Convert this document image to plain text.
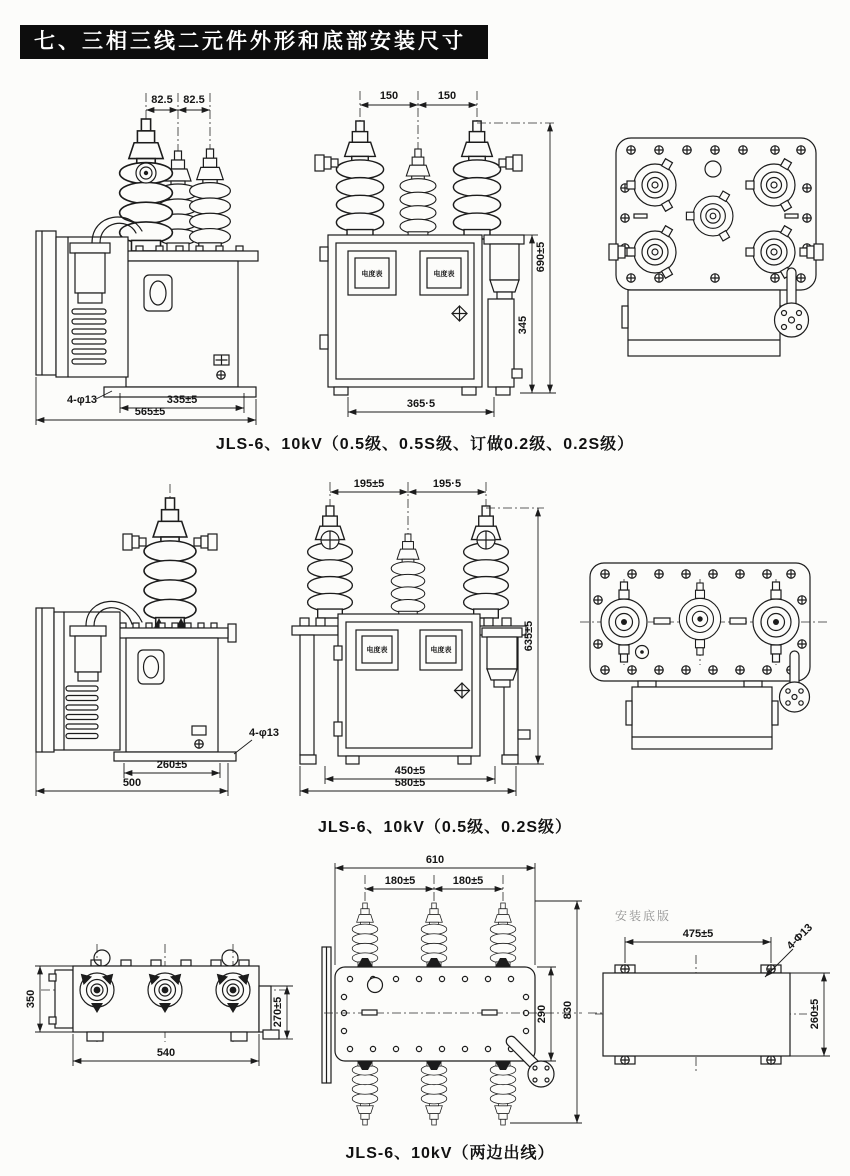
七、三相三线二元件外形和底部安装尺寸
82.5 82.5
4-φ13	335±5
565±5
150	150
电度表	电度表
690±5
345
365·5
JLS-6、10kV（0.5级、0.5S级、订做0.2级、0.2S级）
4-φ13
260±5
500
195±5	195·5
电度表	电度表	635±5
450±5
580±5
JLS-6、10kV（0.5级、0.2S级）
350	270±5
540
610
180±5	180±5
290 830
安装底版
475±5	4-Φ13
260±5
JLS-6、10kV（两边出线）
